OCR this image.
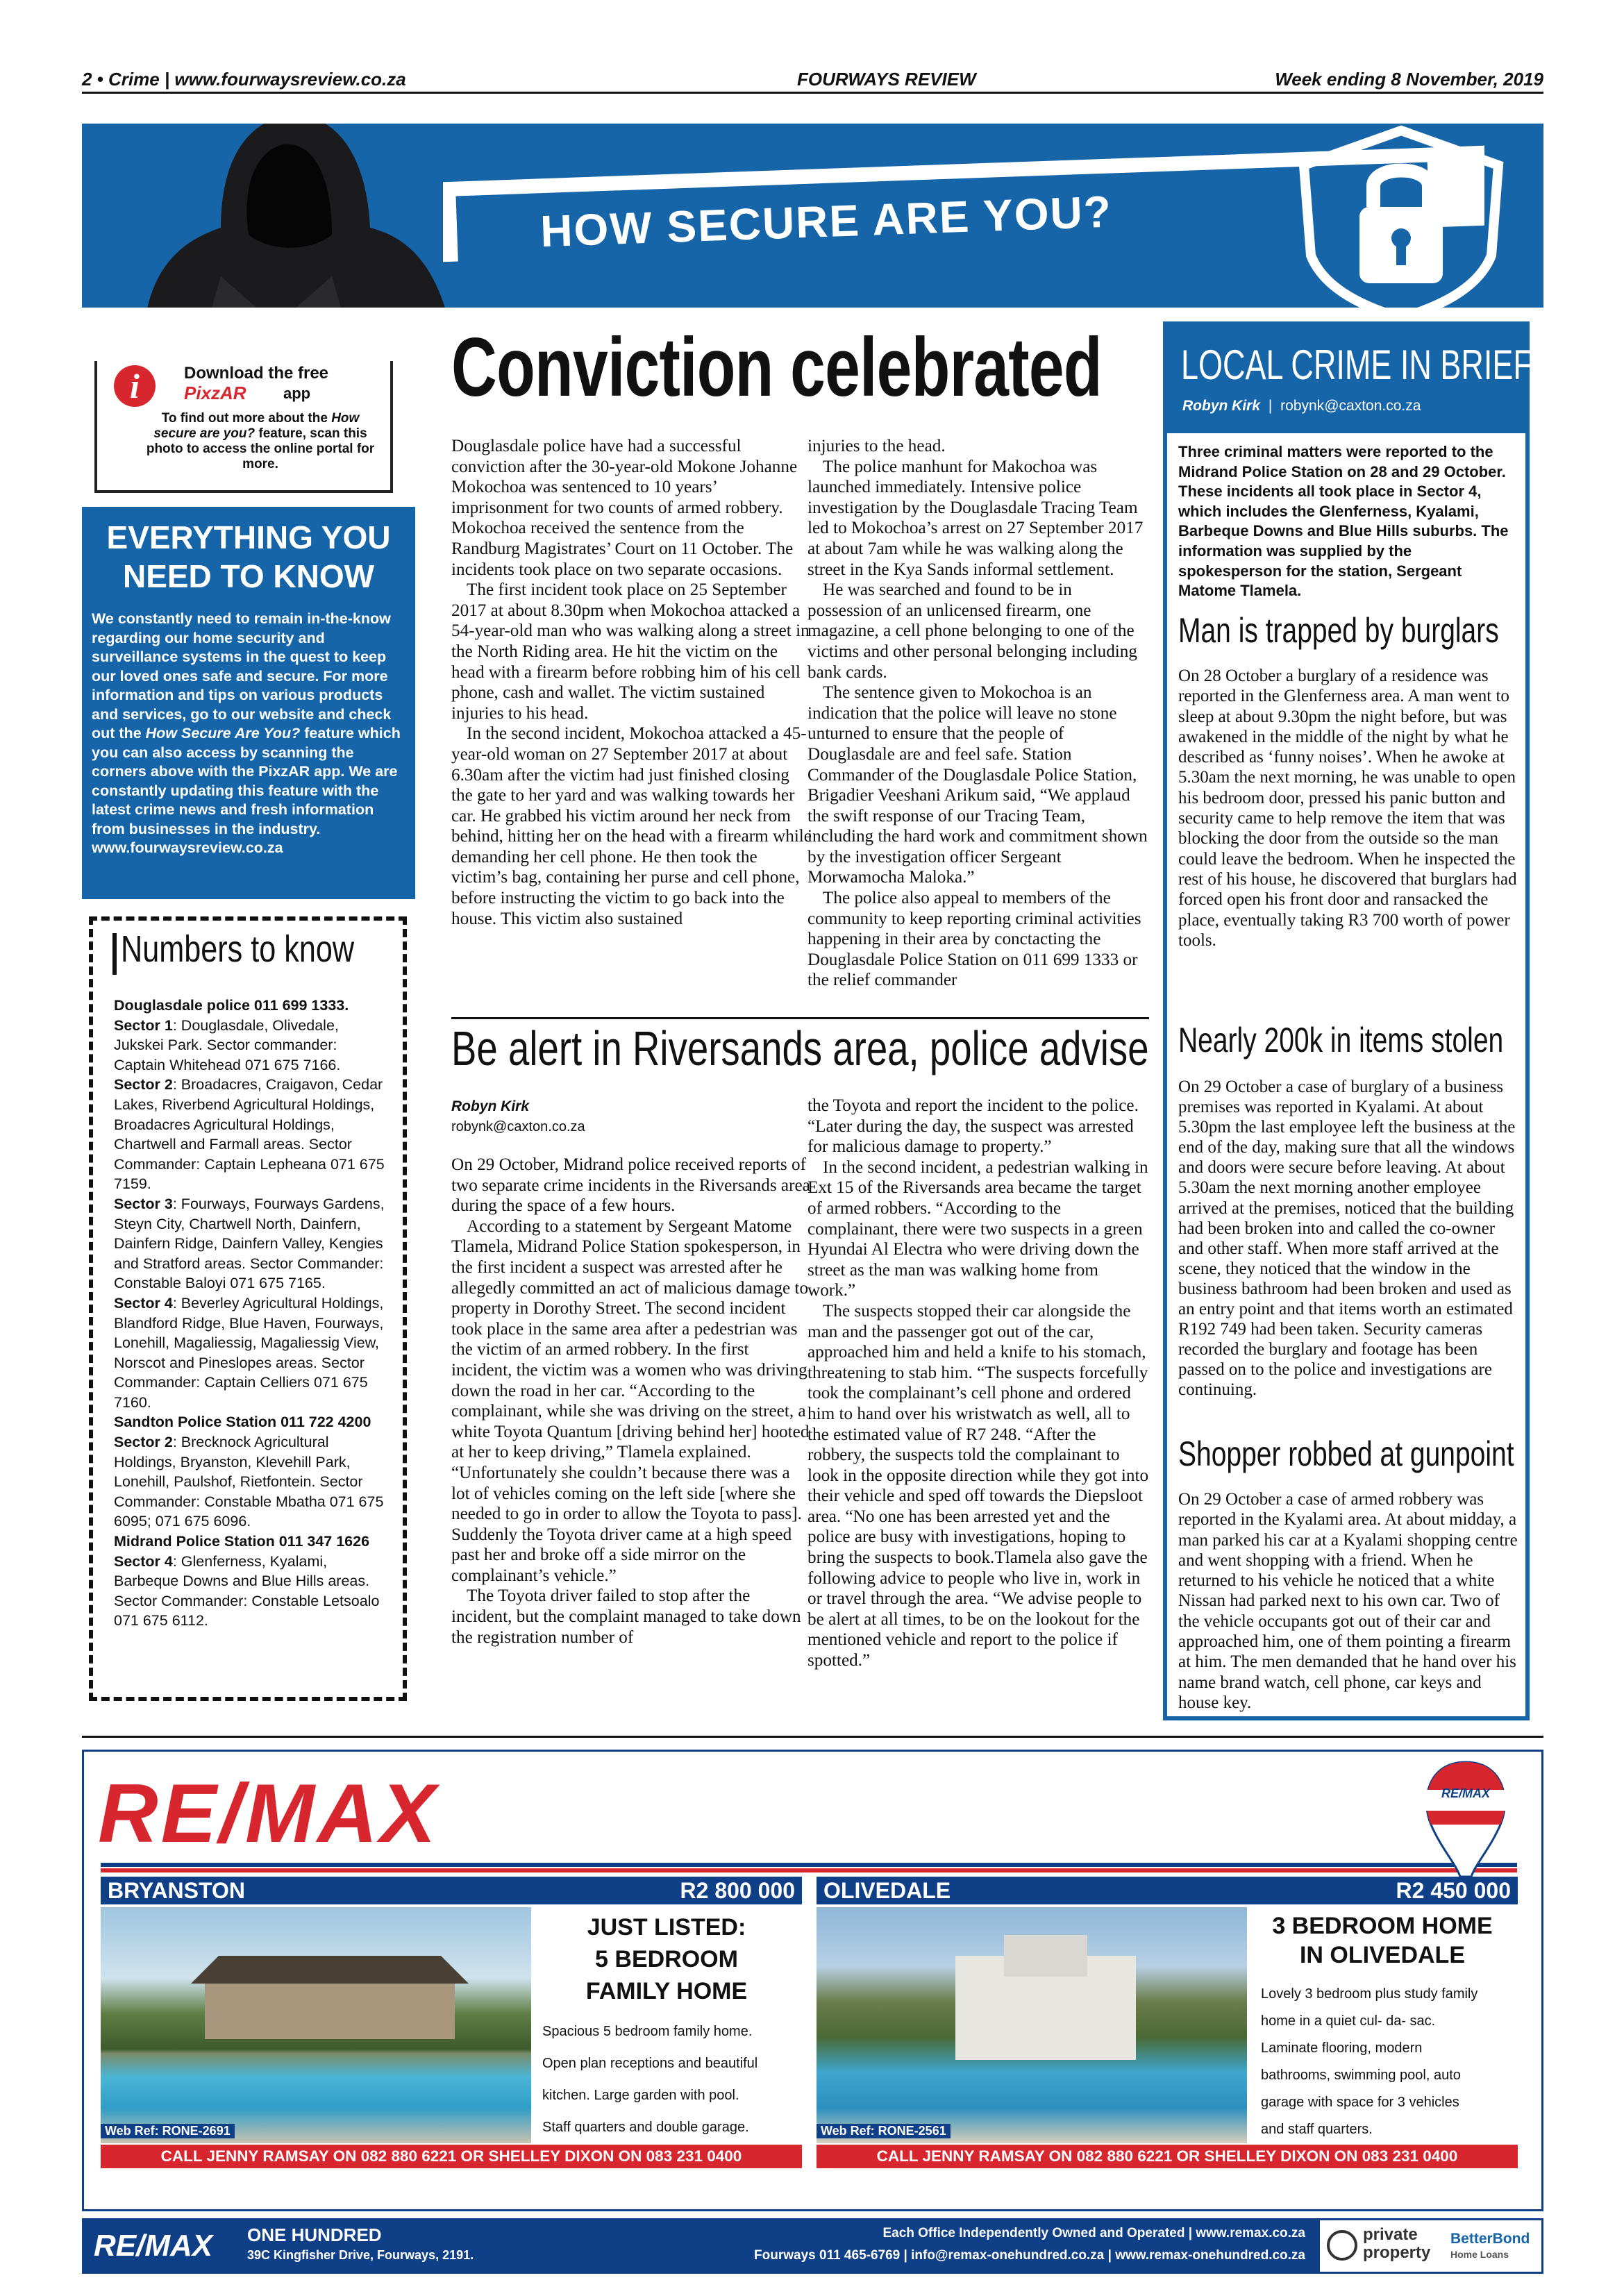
2 • Crime | www.fourwaysreview.co.za	FOURWAYS REVIEW	Week ending 8 November, 2019
HOW SECURE ARE YOU?
i	Download the free
PixzAR app
To find out more about the How secure are you? feature, scan this photo to access the online portal for more.
EVERYTHING YOU
NEED TO KNOW
We constantly need to remain in-the-know regarding our home security and surveillance systems in the quest to keep our loved ones safe and secure. For more information and tips on various products and services, go to our website and check out the How Secure Are You? feature which you can also access by scanning the corners above with the PixzAR app. We are constantly updating this feature with the latest crime news and fresh information from businesses in the industry. www.fourwaysreview.co.za
Numbers to know

Douglasdale police 011 699 1333.

Sector 1: Douglasdale, Olivedale, Jukskei Park. Sector commander: Captain Whitehead 071 675 7166.

Sector 2: Broadacres, Craigavon, Cedar Lakes, Riverbend Agricultural Holdings, Broadacres Agricultural Holdings, Chartwell and Farmall areas. Sector Commander: Captain Lepheana 071 675 7159.

Sector 3: Fourways, Fourways Gardens, Steyn City, Chartwell North, Dainfern, Dainfern Ridge, Dainfern Valley, Kengies and Stratford areas. Sector Commander: Constable Baloyi 071 675 7165.

Sector 4: Beverley Agricultural Holdings, Blandford Ridge, Blue Haven, Fourways, Lonehill, Magaliessig, Magaliessig View, Norscot and Pineslopes areas. Sector Commander: Captain Celliers 071 675 7160.

Sandton Police Station 011 722 4200

Sector 2: Brecknock Agricultural Holdings, Bryanston, Klevehill Park, Lonehill, Paulshof, Rietfontein. Sector Commander: Constable Mbatha 071 675 6095; 071 675 6096.

Midrand Police Station 011 347 1626

Sector 4: Glenferness, Kyalami, Barbeque Downs and Blue Hills areas. Sector Commander: Constable Letsoalo 071 675 6112.

Conviction celebrated

Douglasdale police have had a successful conviction after the 30-year-old Mokone Johanne Mokochoa was sentenced to 10 years’ imprisonment for two counts of armed robbery. Mokochoa received the sentence from the Randburg Magistrates’ Court on 11 October. The incidents took place on two separate occasions.

The first incident took place on 25 September 2017 at about 8.30pm when Mokochoa attacked a 54-year-old man who was walking along a street in the North Riding area. He hit the victim on the head with a firearm before robbing him of his cell phone, cash and wallet. The victim sustained injuries to his head.

In the second incident, Mokochoa attacked a 45-year-old woman on 27 September 2017 at about 6.30am after the victim had just finished closing the gate to her yard and was walking towards her car. He grabbed his victim around her neck from behind, hitting her on the head with a firearm while demanding her cell phone. He then took the victim’s bag, containing her purse and cell phone, before instructing the victim to go back into the house. This victim also sustained

injuries to the head.

The police manhunt for Makochoa was launched immediately. Intensive police investigation by the Douglasdale Tracing Team led to Mokochoa’s arrest on 27 September 2017 at about 7am while he was walking along the street in the Kya Sands informal settlement.

He was searched and found to be in possession of an unlicensed firearm, one magazine, a cell phone belonging to one of the victims and other personal belonging including bank cards.

The sentence given to Mokochoa is an indication that the police will leave no stone unturned to ensure that the people of Douglasdale are and feel safe. Station Commander of the Douglasdale Police Station, Brigadier Veeshani Arikum said, “We applaud the swift response of our Tracing Team, including the hard work and commitment shown by the investigation officer Sergeant Morwamocha Maloka.”

The police also appeal to members of the community to keep reporting criminal activities happening in their area by conctacting the Douglasdale Police Station on 011 699 1333 or the relief commander

Be alert in Riversands area, police advise
Robyn Kirk
robynk@caxton.co.za

On 29 October, Midrand police received reports of two separate crime incidents in the Riversands area during the space of a few hours.

According to a statement by Sergeant Matome Tlamela, Midrand Police Station spokesperson, in the first incident a suspect was arrested after he allegedly committed an act of malicious damage to property in Dorothy Street. The second incident took place in the same area after a pedestrian was the victim of an armed robbery. In the first incident, the victim was a women who was driving down the road in her car. “According to the complainant, while she was driving on the street, a white Toyota Quantum [driving behind her] hooted at her to keep driving,” Tlamela explained. “Unfortunately she couldn’t because there was a lot of vehicles coming on the left side [where she needed to go in order to allow the Toyota to pass]. Suddenly the Toyota driver came at a high speed past her and broke off a side mirror on the complainant’s vehicle.”

The Toyota driver failed to stop after the incident, but the complaint managed to take down the registration number of

the Toyota and report the incident to the police. “Later during the day, the suspect was arrested for malicious damage to property.”

In the second incident, a pedestrian walking in Ext 15 of the Riversands area became the target of armed robbers. “According to the complainant, there were two suspects in a green Hyundai Al Electra who were driving down the street as the man was walking home from work.”

The suspects stopped their car alongside the man and the passenger got out of the car, approached him and held a knife to his stomach, threatening to stab him. “The suspects forcefully took the complainant’s cell phone and ordered him to hand over his wristwatch as well, all to the estimated value of R7 248. “After the robbery, the suspects told the complainant to look in the opposite direction while they got into their vehicle and sped off towards the Diepsloot area. “No one has been arrested yet and the police are busy with investigations, hoping to bring the suspects to book.Tlamela also gave the following advice to people who live in, work in or travel through the area. “We advise people to be alert at all times, to be on the lookout for the mentioned vehicle and report to the police if spotted.”

LOCAL CRIME IN BRIEF
Robyn Kirk | robynk@caxton.co.za
Three criminal matters were reported to the Midrand Police Station on 28 and 29 October. These incidents all took place in Sector 4, which includes the Glenferness, Kyalami, Barbeque Downs and Blue Hills suburbs. The information was supplied by the spokesperson for the station, Sergeant Matome Tlamela.
Man is trapped by burglars
On 28 October a burglary of a residence was reported in the Glenferness area. A man went to sleep at about 9.30pm the night before, but was awakened in the middle of the night by what he described as ‘funny noises’. When he awoke at 5.30am the next morning, he was unable to open his bedroom door, pressed his panic button and security came to help remove the item that was blocking the door from the outside so the man could leave the bedroom. When he inspected the rest of his house, he discovered that burglars had forced open his front door and ransacked the place, eventually taking R3 700 worth of power tools.
Nearly 200k in items stolen
On 29 October a case of burglary of a business premises was reported in Kyalami. At about 5.30pm the last employee left the business at the end of the day, making sure that all the windows and doors were secure before leaving. At about 5.30am the next morning another employee arrived at the premises, noticed that the building had been broken into and called the co-owner and other staff. When more staff arrived at the scene, they noticed that the window in the business bathroom had been broken and used as an entry point and that items worth an estimated R192 749 had been taken. Security cameras recorded the burglary and footage has been passed on to the police and investigations are continuing.
Shopper robbed at gunpoint
On 29 October a case of armed robbery was reported in the Kyalami area. At about midday, a man parked his car at a Kyalami shopping centre and went shopping with a friend. When he returned to his vehicle he noticed that a white Nissan had parked next to his own car. Two of the vehicle occupants got out of their car and approached him, one of them pointing a firearm at him. The men demanded that he hand over his name brand watch, cell phone, car keys and house key.
RE/MAX	RE/MAX
BRYANSTON	R2 800 000
Web Ref: RONE-2691
JUST LISTED:
5 BEDROOM
FAMILY HOME
Spacious 5 bedroom family home.
Open plan receptions and beautiful
kitchen. Large garden with pool.
Staff quarters and double garage.
CALL JENNY RAMSAY ON 082 880 6221 OR SHELLEY DIXON ON 083 231 0400
OLIVEDALE	R2 450 000
Web Ref: RONE-2561
3 BEDROOM HOME
IN OLIVEDALE
Lovely 3 bedroom plus study family
home in a quiet cul- da- sac.
Laminate flooring, modern
bathrooms, swimming pool, auto
garage with space for 3 vehicles
and staff quarters.
CALL JENNY RAMSAY ON 082 880 6221 OR SHELLEY DIXON ON 083 231 0400
RE/MAX ONE HUNDRED
39C Kingfisher Drive, Fourways, 2191.
Each Office Independently Owned and Operated | www.remax.co.za
Fourways 011 465-6769 | info@remax-onehundred.co.za | www.remax-onehundred.co.za
private
property
BetterBond
Home Loans
